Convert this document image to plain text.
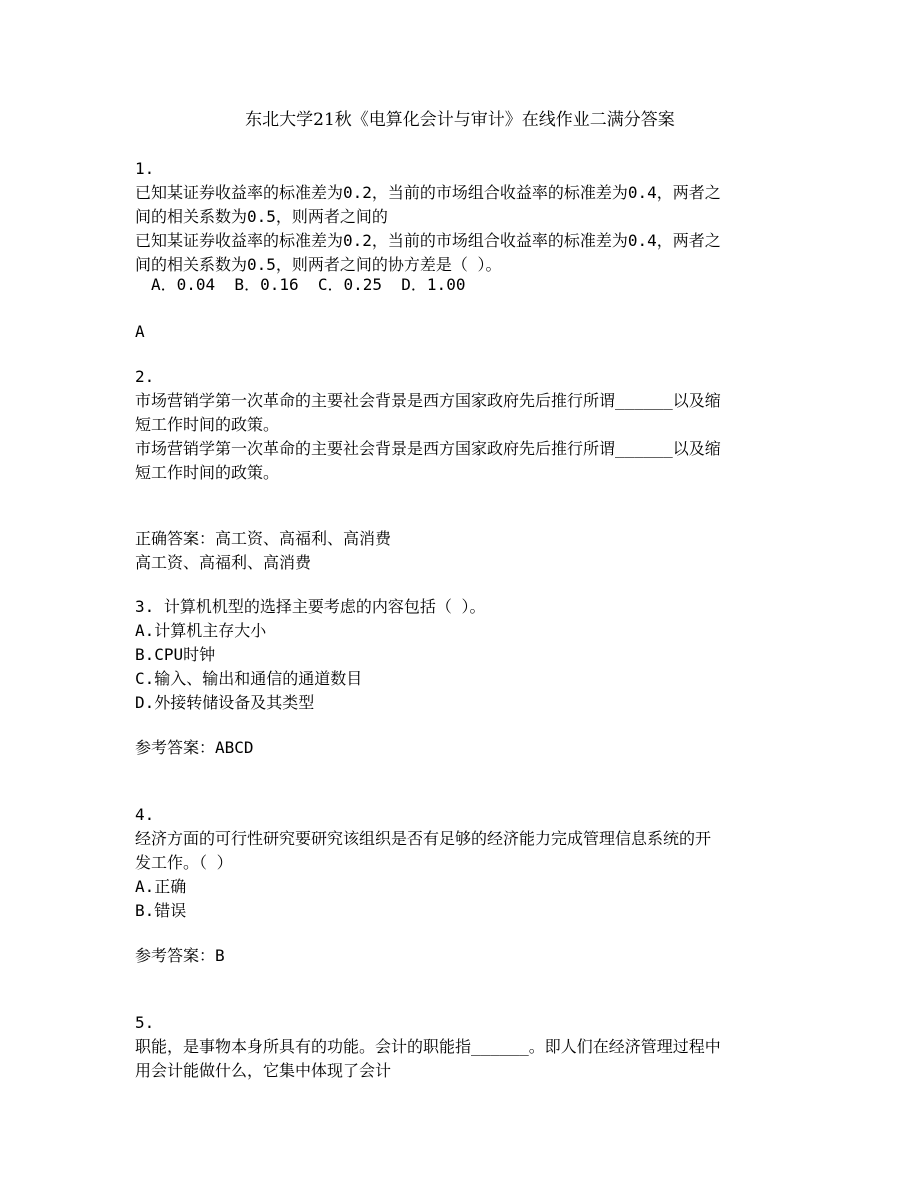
东北大学21秋《电算化会计与审计》在线作业二满分答案
1.
已知某证券收益率的标准差为0.2，当前的市场组合收益率的标准差为0.4，两者之
间的相关系数为0.5，则两者之间的
已知某证券收益率的标准差为0.2，当前的市场组合收益率的标准差为0.4，两者之
间的相关系数为0.5，则两者之间的协方差是（ ）。
A．0.04  B．0.16  C．0.25  D．1.00
A
2.
市场营销学第一次革命的主要社会背景是西方国家政府先后推行所谓______以及缩
短工作时间的政策。
市场营销学第一次革命的主要社会背景是西方国家政府先后推行所谓______以及缩
短工作时间的政策。
正确答案：高工资、高福利、高消费
高工资、高福利、高消费
3. 计算机机型的选择主要考虑的内容包括（ ）。
A.计算机主存大小
B.CPU时钟
C.输入、输出和通信的通道数目
D.外接转储设备及其类型
参考答案：ABCD
4.
经济方面的可行性研究要研究该组织是否有足够的经济能力完成管理信息系统的开
发工作。（ ）
A.正确
B.错误
参考答案：B
5.
职能，是事物本身所具有的功能。会计的职能指______。即人们在经济管理过程中
用会计能做什么，它集中体现了会计
